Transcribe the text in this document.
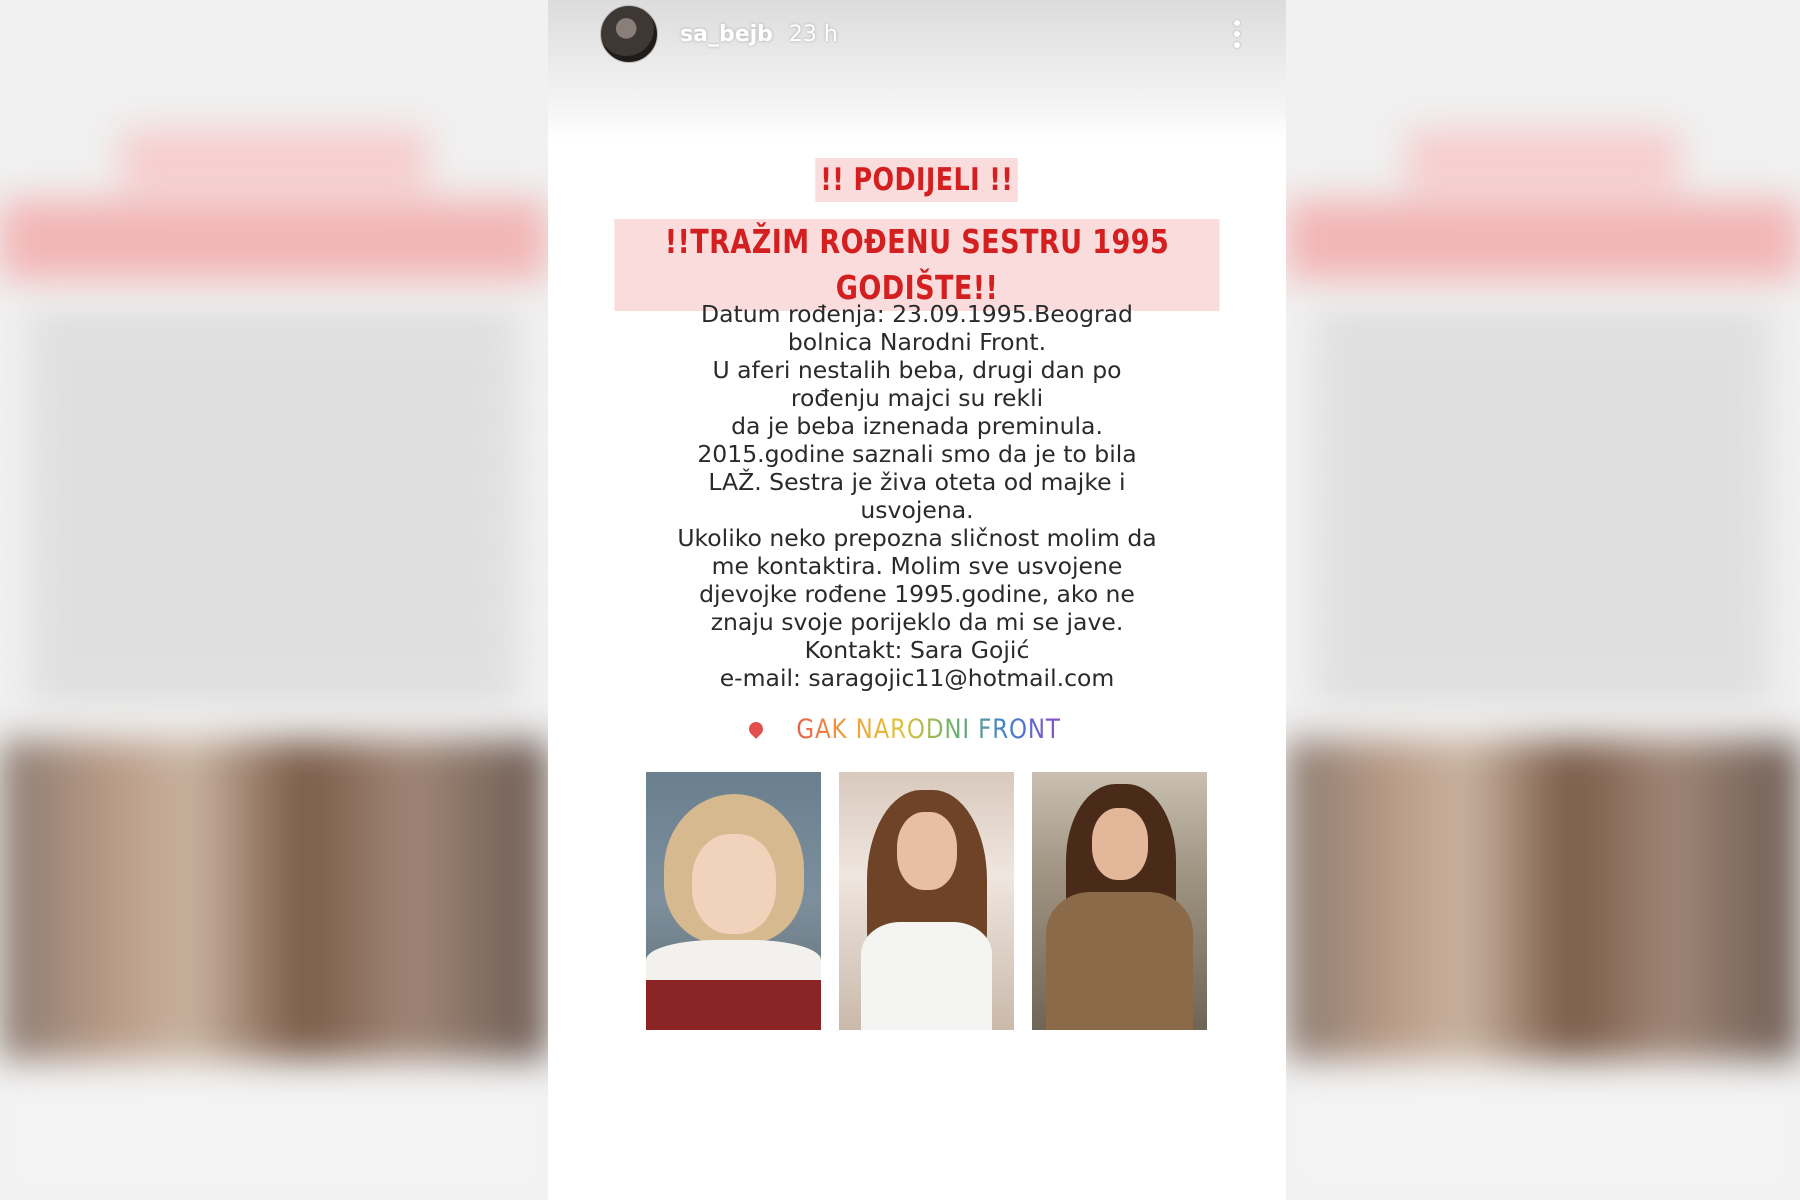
sa_bejb 23 h
!! PODIJELI !!
!!TRAŽIM ROĐENU SESTRU 1995 GODIŠTE!!
Datum rođenja: 23.09.1995.Beograd
bolnica Narodni Front.
U aferi nestalih beba, drugi dan po
rođenju majci su rekli
da je beba iznenada preminula.
2015.godine saznali smo da je to bila
LAŽ. Sestra je živa oteta od majke i
usvojena.
Ukoliko neko prepozna sličnost molim da
me kontaktira. Molim sve usvojene
djevojke rođene 1995.godine, ako ne
znaju svoje porijeklo da mi se jave.
Kontakt: Sara Gojić
e-mail: saragojic11@hotmail.com
GAK NARODNI FRONT
